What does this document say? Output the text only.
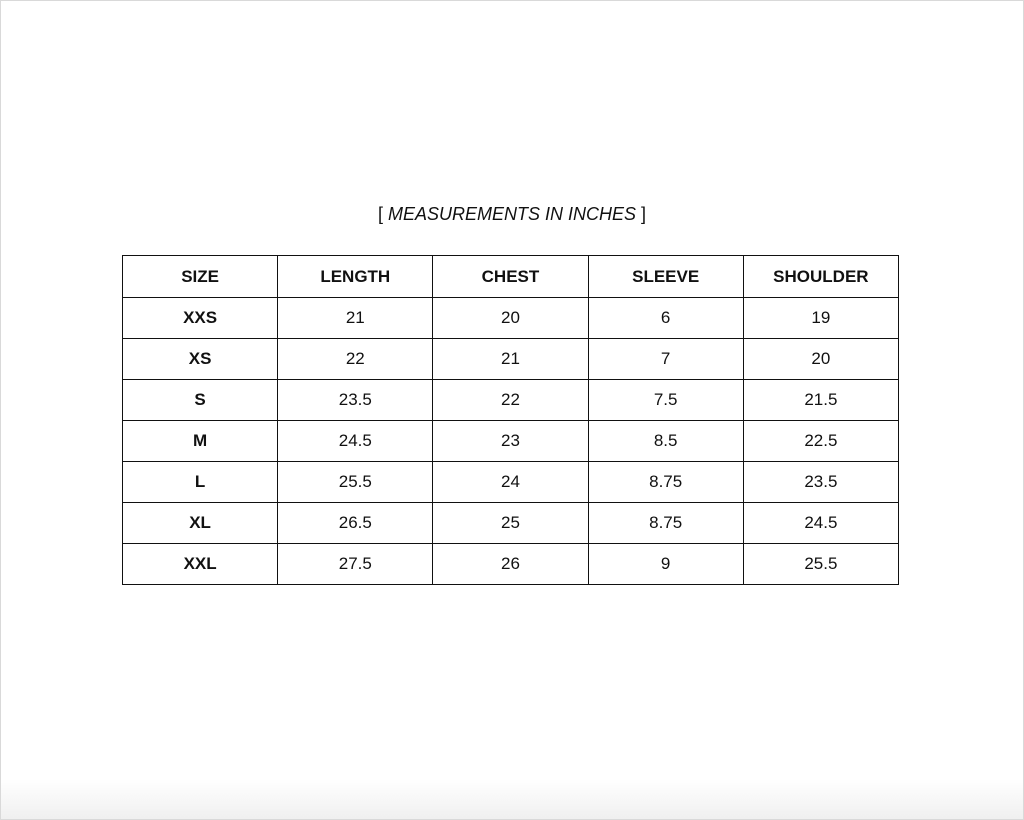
[ MEASUREMENTS IN INCHES ]
SIZE	LENGTH	CHEST	SLEEVE	SHOULDER
XXS	21	20	6	19
XS	22	21	7	20
S	23.5	22	7.5	21.5
M	24.5	23	8.5	22.5
L	25.5	24	8.75	23.5
XL	26.5	25	8.75	24.5
XXL	27.5	26	9	25.5
